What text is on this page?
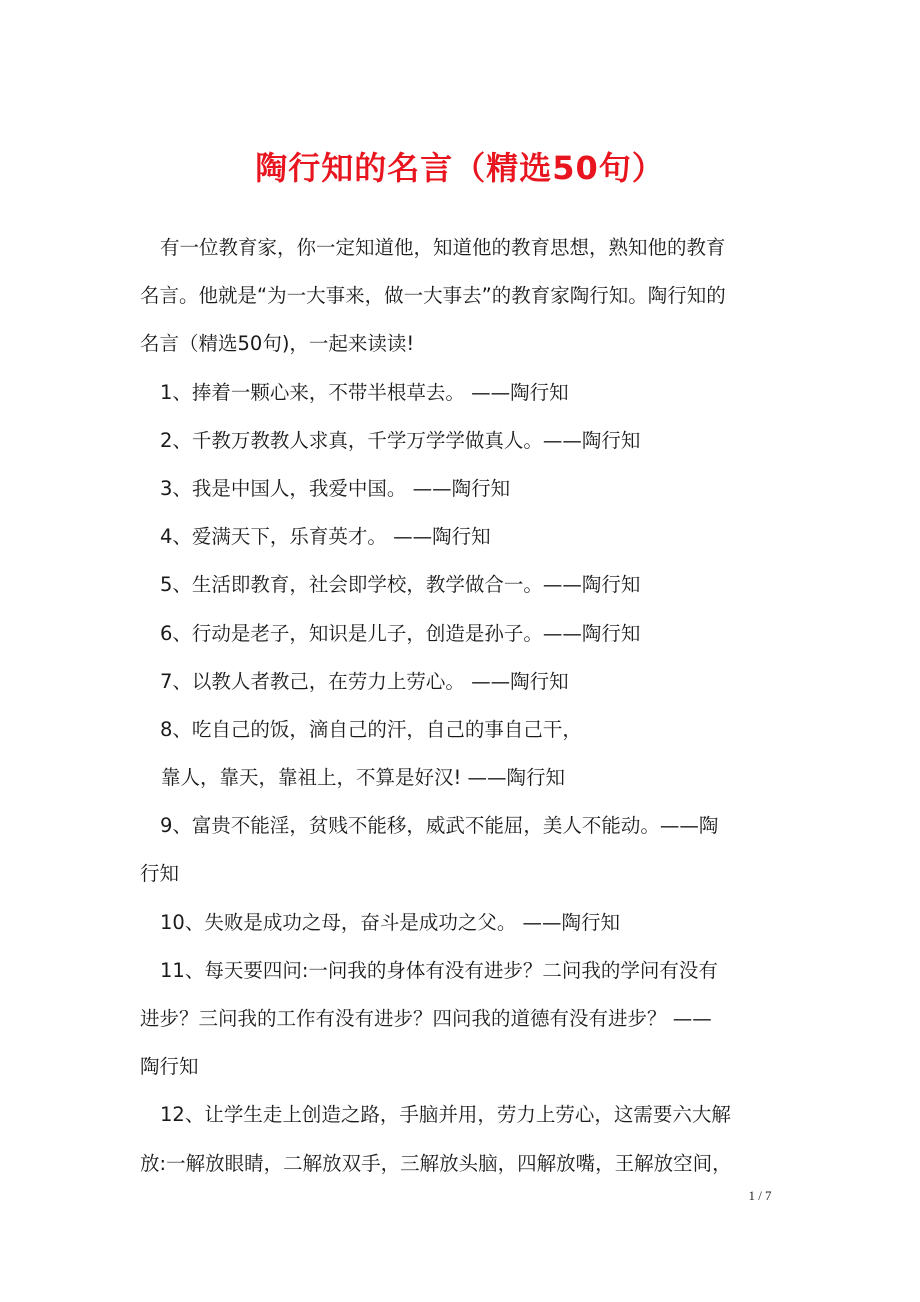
陶行知的名言（精选50句）
有一位教育家，你一定知道他，知道他的教育思想，熟知他的教育
名言。他就是“为一大事来，做一大事去”的教育家陶行知。陶行知的
名言（精选50句)，一起来读读!
1、捧着一颗心来，不带半根草去。 ——陶行知
2、千教万教教人求真，千学万学学做真人。——陶行知
3、我是中国人，我爱中国。 ——陶行知
4、爱满天下，乐育英才。 ——陶行知
5、生活即教育，社会即学校，教学做合一。——陶行知
6、行动是老子，知识是儿子，创造是孙子。——陶行知
7、以教人者教己，在劳力上劳心。 ——陶行知
8、吃自己的饭，滴自己的汗，自己的事自己干，
靠人，靠天，靠祖上，不算是好汉! ——陶行知
9、富贵不能淫，贫贱不能移，威武不能屈，美人不能动。——陶
行知
10、失败是成功之母，奋斗是成功之父。 ——陶行知
11、每天要四问:一问我的身体有没有进步？二问我的学问有没有
进步？三问我的工作有没有进步？四问我的道德有没有进步？ ——
陶行知
12、让学生走上创造之路，手脑并用，劳力上劳心，这需要六大解
放:一解放眼睛，二解放双手，三解放头脑，四解放嘴，王解放空间，
1 / 7
